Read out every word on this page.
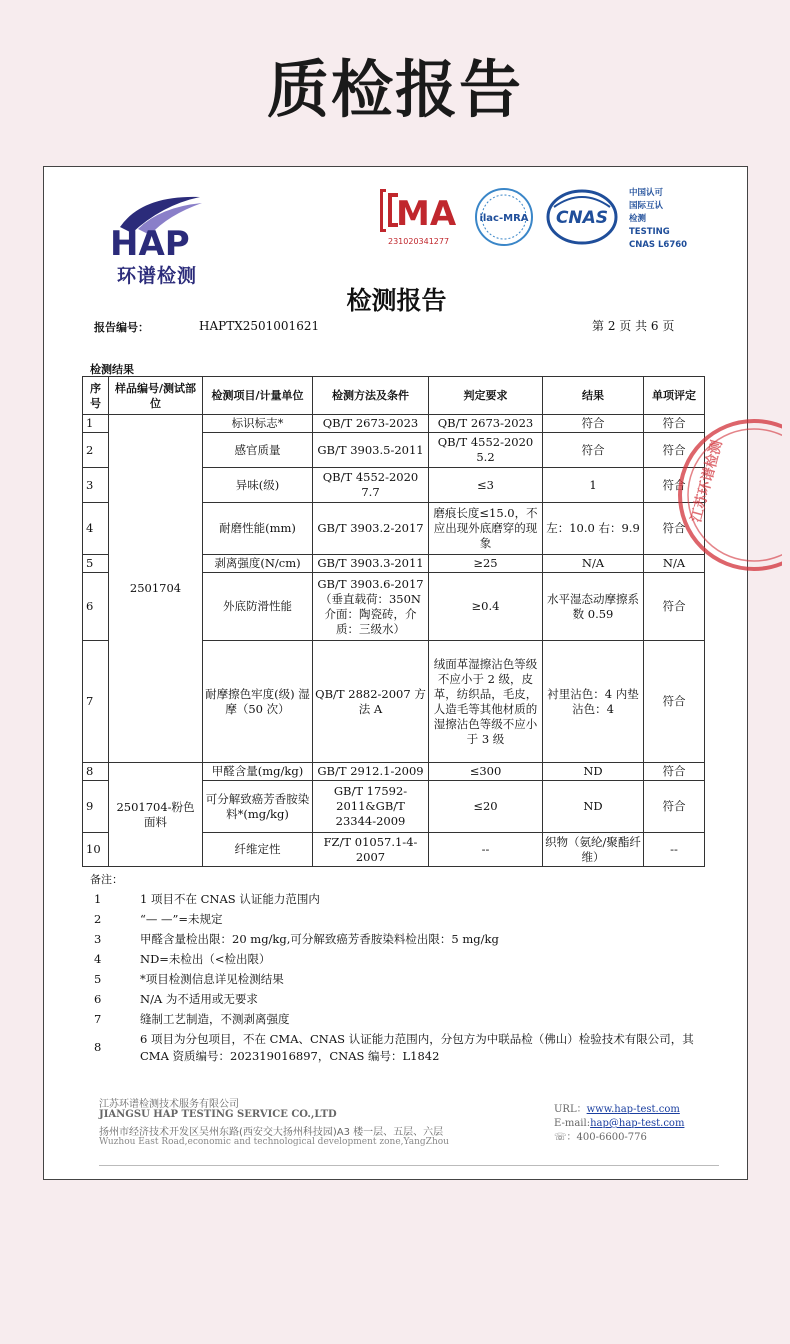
质检报告
HAP
环谱检测
MA
231020341277
ilac-MRA CNAS
中国认可
国际互认
检测
TESTING
CNAS L6760
检测报告
报告编号：	HAPTX2501001621	第 2 页 共 6 页
检测结果
序号	样品编号/测试部位	检测项目/计量单位	检测方法及条件	判定要求	结果	单项评定
1	2501704	标识标志*	QB/T 2673-2023	QB/T 2673-2023	符合	符合
2		感官质量	GB/T 3903.5-2011	QB/T 4552-2020 5.2	符合	符合
3		异味(级)	QB/T 4552-2020 7.7	≤3	1	符合
4		耐磨性能(mm)	GB/T 3903.2-2017	磨痕长度≤15.0，不应出现外底磨穿的现象	左：10.0 右：9.9	符合
5		剥离强度(N/cm)	GB/T 3903.3-2011	≥25	N/A	N/A
6		外底防滑性能	GB/T 3903.6-2017（垂直载荷：350N 介面：陶瓷砖，介质：三级水）	≥0.4	水平湿态动摩擦系数 0.59	符合
7		耐摩擦色牢度(级) 湿摩（50 次）	QB/T 2882-2007 方法 A	绒面革湿擦沾色等级不应小于 2 级，皮革，纺织品，毛皮，人造毛等其他材质的湿擦沾色等级不应小于 3 级	衬里沾色：4 内垫沾色：4	符合
8	2501704-粉色面料	甲醛含量(mg/kg)	GB/T 2912.1-2009	≤300	ND	符合
9		可分解致癌芳香胺染料*(mg/kg)	GB/T 17592-2011&GB/T 23344-2009	≤20	ND	符合
10		纤维定性	FZ/T 01057.1-4-2007	--	织物（氨纶/聚酯纤维）	--
备注：
1	1 项目不在 CNAS 认证能力范围内
2	“— —”=未规定
3	甲醛含量检出限：20 mg/kg,可分解致癌芳香胺染料检出限：5 mg/kg
4	ND=未检出（<检出限）
5	*项目检测信息详见检测结果
6	N/A 为不适用或无要求
7	缝制工艺制造，不测剥离强度
8
6 项目为分包项目，不在 CMA、CNAS 认证能力范围内，分包方为中联品检（佛山）检验技术有限公司，其 CMA 资质编号：202319016897，CNAS 编号：L1842
江苏环谱检测技术服务有限公司
JIANGSU HAP TESTING SERVICE CO.,LTD
扬州市经济技术开发区吴州东路(西安交大扬州科技园)A3 楼一层、五层、六层
Wuzhou East Road,economic and technological development zone,YangZhou
URL：www.hap-test.com
E-mail:hap@hap-test.com
☏：400-6600-776
江苏环谱检测
